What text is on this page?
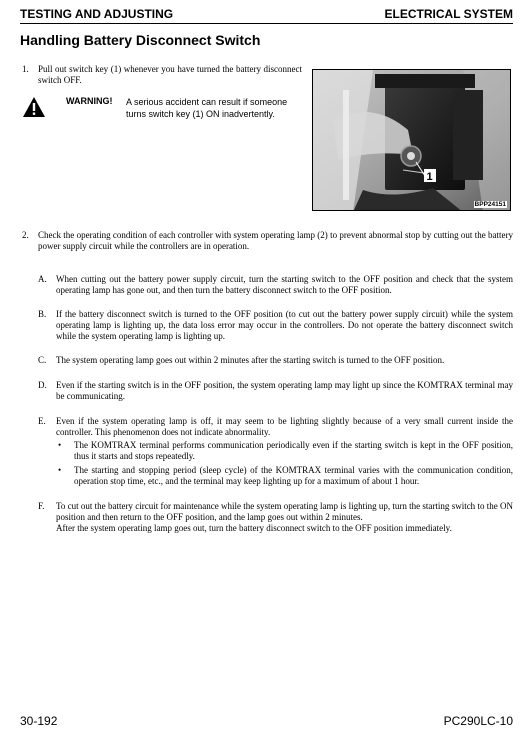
TESTING AND ADJUSTING	ELECTRICAL SYSTEM
Handling Battery Disconnect Switch
1. Pull out switch key (1) whenever you have turned the battery disconnect switch OFF.
WARNING! A serious accident can result if someone turns switch key (1) ON inadvertently.
1
BPP24151
2. Check the operating condition of each controller with system operating lamp (2) to prevent abnormal stop by cutting out the battery power supply circuit while the controllers are in operation.
A. When cutting out the battery power supply circuit, turn the starting switch to the OFF position and check that the system operating lamp has gone out, and then turn the battery disconnect switch to the OFF position.
B. If the battery disconnect switch is turned to the OFF position (to cut out the battery power supply circuit) while the system operating lamp is lighting up, the data loss error may occur in the controllers. Do not operate the battery disconnect switch while the system operating lamp is lighting up.
C. The system operating lamp goes out within 2 minutes after the starting switch is turned to the OFF position.
D. Even if the starting switch is in the OFF position, the system operating lamp may light up since the KOMTRAX terminal may be communicating.
E. Even if the system operating lamp is off, it may seem to be lighting slightly because of a very small current inside the controller. This phenomenon does not indicate abnormality.
• The KOMTRAX terminal performs communication periodically even if the starting switch is kept in the OFF position, thus it starts and stops repeatedly.
• The starting and stopping period (sleep cycle) of the KOMTRAX terminal varies with the communication condition, operation stop time, etc., and the terminal may keep lighting up for a maximum of about 1 hour.
F. To cut out the battery circuit for maintenance while the system operating lamp is lighting up, turn the starting switch to the ON position and then return to the OFF position, and the lamp goes out within 2 minutes.
After the system operating lamp goes out, turn the battery disconnect switch to the OFF position immediately.
30-192	PC290LC-10
